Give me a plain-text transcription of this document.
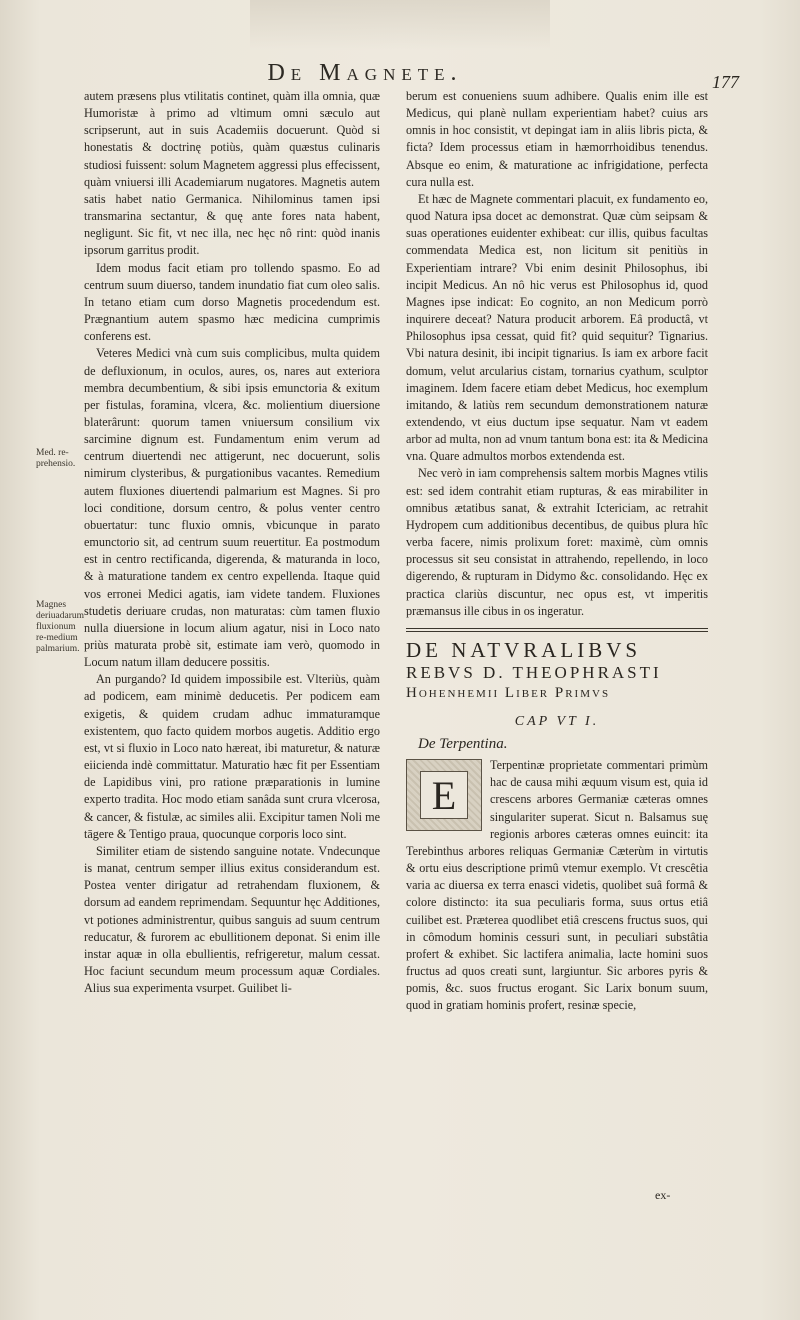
De Magnete.	177
Med. re-prehensio.
Magnes deriuadarum fluxionum re-medium palmarium.

autem præsens plus vtilitatis continet, quàm illa omnia, quæ Humoristæ à primo ad vltimum omni sæculo aut scripserunt, aut in suis Academiis docuerunt. Quòd si honestatis & doctrinę potiùs, quàm quæstus culinaris studiosi fuissent: solum Magnetem aggressi plus effecissent, quàm vniuersi illi Academiarum nugatores. Magnetis autem satis habet natio Germanica. Nihilominus tamen ipsi transmarina sectantur, & quę ante fores nata habent, negligunt. Sic fit, vt nec illa, nec hęc nô rint: quòd inanis ipsorum garritus prodit.

Idem modus facit etiam pro tollendo spasmo. Eo ad centrum suum diuerso, tandem inundatio fiat cum oleo salis. In tetano etiam cum dorso Magnetis procedendum est. Prægnantium autem spasmo hæc medicina cumprimis conferens est.

Veteres Medici vnà cum suis complicibus, multa quidem de defluxionum, in oculos, aures, os, nares aut exteriora membra decumbentium, & sibi ipsis emunctoria & exitum per fistulas, foramina, vlcera, &c. molientium diuersione blaterârunt: quorum tamen vniuersum consilium vix sarcimine dignum est. Fundamentum enim verum ad centrum diuertendi nec attigerunt, nec docuerunt, solis nimirum clysteribus, & purgationibus vacantes. Remedium autem fluxiones diuertendi palmarium est Magnes. Si pro loci conditione, dorsum centro, & polus venter centro obuertatur: tunc fluxio omnis, vbicunque in parato emunctorio sit, ad centrum suum reuertitur. Ea postmodum est in centro rectificanda, digerenda, & maturanda in loco, & à maturatione tandem ex centro expellenda. Itaque quid vos erronei Medici agatis, iam videte tandem. Fluxiones studetis deriuare crudas, non maturatas: cùm tamen fluxio nulla diuersione in locum alium agatur, nisi in Loco nato priùs maturata probè sit, estimate iam verò, quomodo in Locum natum illam deducere possitis.

An purgando? Id quidem impossibile est. Vlteriùs, quàm ad podicem, eam minimè deducetis. Per podicem eam exigetis, & quidem crudam adhuc immaturamque existentem, quo facto quidem morbos augetis. Additio ergo est, vt si fluxio in Loco nato hæreat, ibi maturetur, & naturæ eiicienda indè committatur. Maturatio hæc fit per Essentiam de Lapidibus vini, pro ratione præparationis in lumine experto tradita. Hoc modo etiam sanâda sunt crura vlcerosa, & cancer, & fistulæ, ac similes alii. Excipitur tamen Noli me tāgere & Tentigo praua, quocunque corporis loco sint.

Similiter etiam de sistendo sanguine notate. Vndecunque is manat, centrum semper illius exitus considerandum est. Postea venter dirigatur ad retrahendam fluxionem, & dorsum ad eandem reprimendam. Sequuntur hęc Additiones, vt potiones administrentur, quibus sanguis ad suum centrum reducatur, & furorem ac ebullitionem deponat. Si enim ille instar aquæ in olla ebullientis, refrigeretur, malum cessat. Hoc faciunt secundum meum processum aquæ Cordiales. Alius sua experimenta vsurpet. Guilibet li-

berum est conueniens suum adhibere. Qualis enim ille est Medicus, qui planè nullam experientiam habet? cuius ars omnis in hoc consistit, vt depingat iam in aliis libris picta, & ficta? Idem processus etiam in hæmorrhoidibus tenendus. Absque eo enim, & maturatione ac infrigidatione, perfecta cura nulla est.

Et hæc de Magnete commentari placuit, ex fundamento eo, quod Natura ipsa docet ac demonstrat. Quæ cùm seipsam & suas operationes euidenter exhibeat: cur illis, quibus facultas commendata Medica est, non licitum sit penitiùs in Experientiam intrare? Vbi enim desinit Philosophus, ibi incipit Medicus. An nô hic verus est Philosophus id, quod Magnes ipse indicat: Eo cognito, an non Medicum porrò inquirere deceat? Natura producit arborem. Eâ productâ, vt Philosophus ipsa cessat, quid fit? quid sequitur? Tignarius. Vbi natura desinit, ibi incipit tignarius. Is iam ex arbore facit domum, velut arcularius cistam, tornarius cyathum, sculptor imaginem. Idem facere etiam debet Medicus, hoc exemplum imitando, & latiùs rem secundum demonstrationem naturæ extendendo, vt eius ductum ipse sequatur. Nam vt eadem arbor ad multa, non ad vnum tantum bona est: ita & Medicina vna. Quare admultos morbos extendenda est.

Nec verò in iam comprehensis saltem morbis Magnes vtilis est: sed idem contrahit etiam rupturas, & eas mirabiliter in omnibus ætatibus sanat, & extrahit Ictericiam, ac retrahit Hydropem cum additionibus decentibus, de quibus plura hîc verba facere, nimis prolixum foret: maximè, cùm omnis processus sit seu consistat in attrahendo, repellendo, in loco digerendo, & rupturam in Didymo &c. consolidando. Hęc ex practica clariùs discuntur, nec opus est, vt imperitis præmansus ille cibus in os ingeratur.

DE NATVRALIBVS
REBVS D. THEOPHRASTI
Hohenhemii Liber Primvs
CAP VT I.
De Terpentina.
E

Terpentinæ proprietate commentari primùm hac de causa mihi æquum visum est, quia id crescens arbores Germaniæ cæteras omnes singulariter superat. Sicut n. Balsamus suę regionis arbores cæteras omnes euincit: ita Terebinthus arbores reliquas Germaniæ Cæterùm in virtutis & ortu eius descriptione primû vtemur exemplo. Vt crescêtia varia ac diuersa ex terra enasci videtis, quolibet suâ formâ & colore distincto: ita sua peculiaris forma, suus ortus etiâ cuilibet est. Præterea quodlibet etiâ crescens fructus suos, qui in cômodum hominis cessuri sunt, in peculiari substâtia profert & exhibet. Sic lactifera animalia, lacte homini suos fructus ad quos creati sunt, largiuntur. Sic arbores pyris & pomis, &c. suos fructus erogant. Sic Larix bonum suum, quod in gratiam hominis profert, resinæ specie,

ex-
